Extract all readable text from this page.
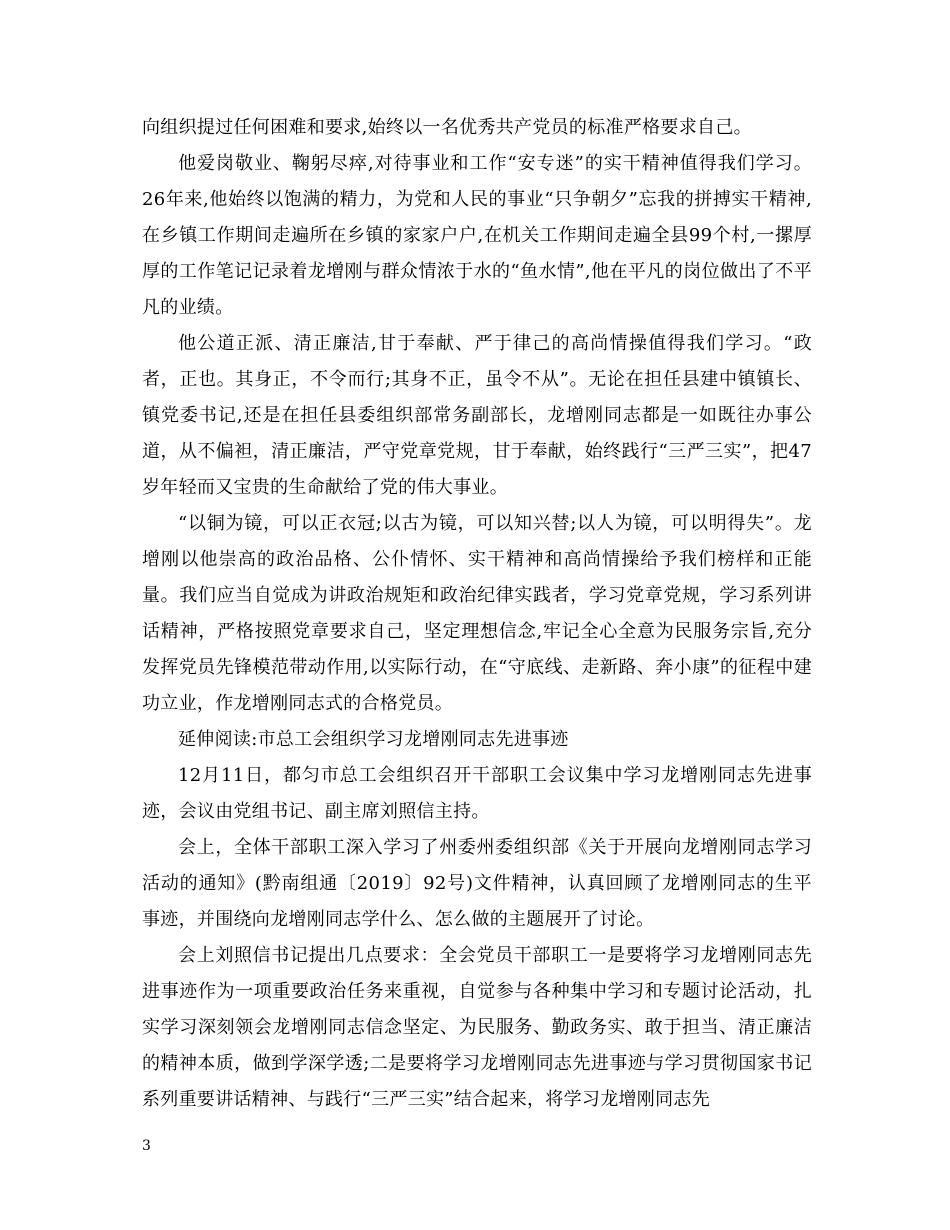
向组织提过任何困难和要求,始终以一名优秀共产党员的标准严格要求自己。

他爱岗敬业、鞠躬尽瘁,对待事业和工作“安专迷”的实干精神值得我们学习。26年来,他始终以饱满的精力，为党和人民的事业“只争朝夕”忘我的拼搏实干精神,在乡镇工作期间走遍所在乡镇的家家户户,在机关工作期间走遍全县99个村,一摞厚厚的工作笔记记录着龙增刚与群众情浓于水的“鱼水情”,他在平凡的岗位做出了不平凡的业绩。

他公道正派、清正廉洁,甘于奉献、严于律己的高尚情操值得我们学习。“政者，正也。其身正，不令而行;其身不正，虽令不从”。无论在担任县建中镇镇长、镇党委书记,还是在担任县委组织部常务副部长，龙增刚同志都是一如既往办事公道，从不偏袒，清正廉洁，严守党章党规，甘于奉献，始终践行“三严三实”，把47岁年轻而又宝贵的生命献给了党的伟大事业。

“以铜为镜，可以正衣冠;以古为镜，可以知兴替;以人为镜，可以明得失”。龙增刚以他崇高的政治品格、公仆情怀、实干精神和高尚情操给予我们榜样和正能量。我们应当自觉成为讲政治规矩和政治纪律实践者，学习党章党规，学习系列讲话精神，严格按照党章要求自己，坚定理想信念,牢记全心全意为民服务宗旨,充分发挥党员先锋模范带动作用,以实际行动，在“守底线、走新路、奔小康”的征程中建功立业，作龙增刚同志式的合格党员。

延伸阅读:市总工会组织学习龙增刚同志先进事迹

12月11日，都匀市总工会组织召开干部职工会议集中学习龙增刚同志先进事迹，会议由党组书记、副主席刘照信主持。

会上，全体干部职工深入学习了州委州委组织部《关于开展向龙增刚同志学习活动的通知》(黔南组通〔2019〕92号)文件精神，认真回顾了龙增刚同志的生平事迹，并围绕向龙增刚同志学什么、怎么做的主题展开了讨论。

会上刘照信书记提出几点要求：全会党员干部职工一是要将学习龙增刚同志先进事迹作为一项重要政治任务来重视，自觉参与各种集中学习和专题讨论活动，扎实学习深刻领会龙增刚同志信念坚定、为民服务、勤政务实、敢于担当、清正廉洁的精神本质，做到学深学透;二是要将学习龙增刚同志先进事迹与学习贯彻国家书记系列重要讲话精神、与践行“三严三实”结合起来，将学习龙增刚同志先

3
